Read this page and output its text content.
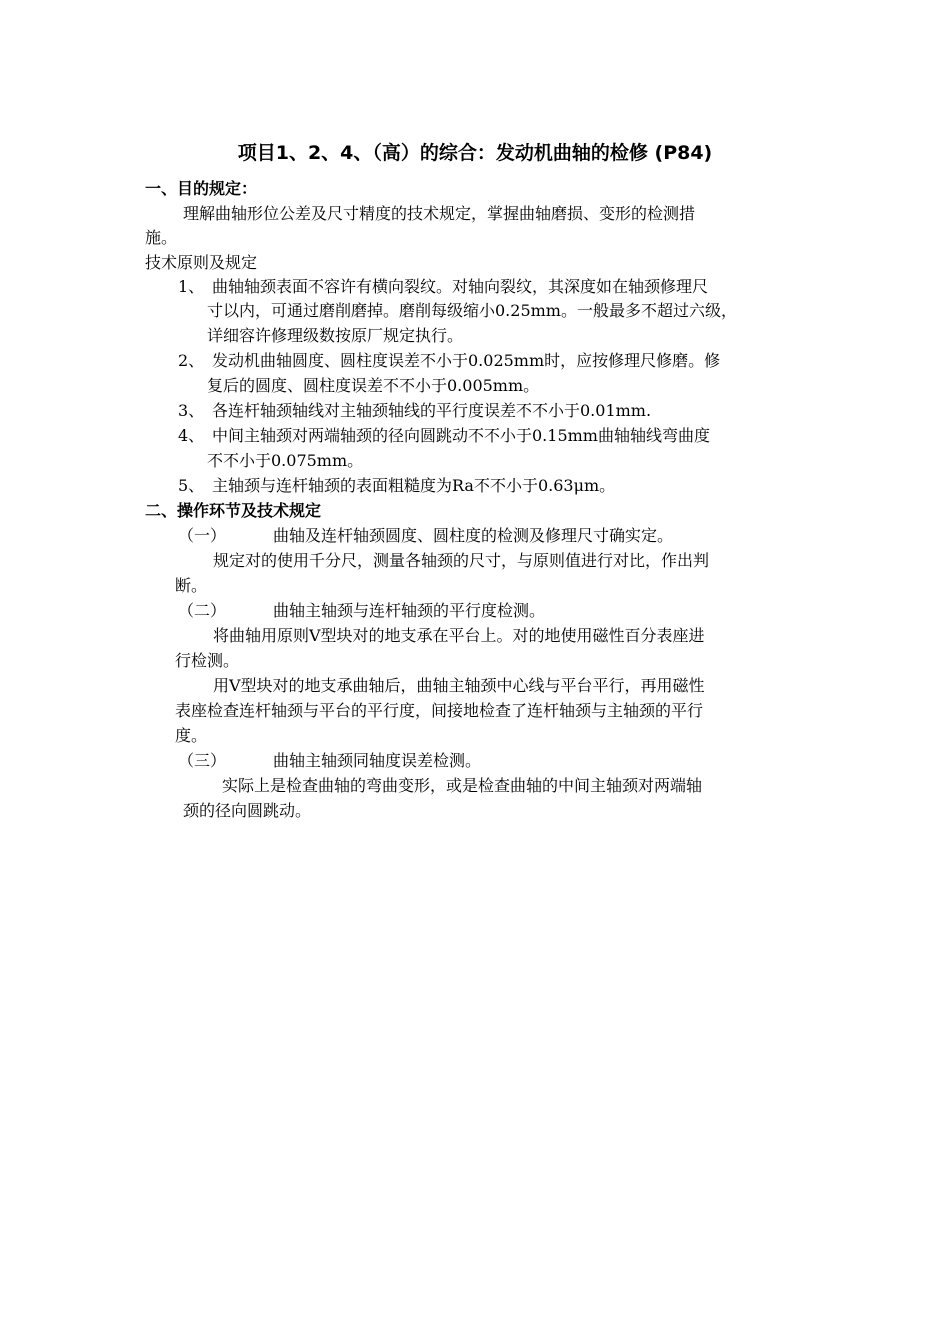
项目1、2、4、（高）的综合：发动机曲轴的检修 (P84)
一、目的规定：
理解曲轴形位公差及尺寸精度的技术规定，掌握曲轴磨损、变形的检测措
施。
技术原则及规定
1、 曲轴轴颈表面不容许有横向裂纹。对轴向裂纹，其深度如在轴颈修理尺
寸以内，可通过磨削磨掉。磨削每级缩小0.25mm。一般最多不超过六级，
详细容许修理级数按原厂规定执行。
2、 发动机曲轴圆度、圆柱度误差不小于0.025mm时，应按修理尺修磨。修
复后的圆度、圆柱度误差不不小于0.005mm。
3、 各连杆轴颈轴线对主轴颈轴线的平行度误差不不小于0.01mm.
4、 中间主轴颈对两端轴颈的径向圆跳动不不小于0.15mm曲轴轴线弯曲度
不不小于0.075mm。
5、 主轴颈与连杆轴颈的表面粗糙度为Ra不不小于0.63μm。
二、操作环节及技术规定
（一）	曲轴及连杆轴颈圆度、圆柱度的检测及修理尺寸确实定。
规定对的使用千分尺，测量各轴颈的尺寸，与原则值进行对比，作出判
断。
（二）	曲轴主轴颈与连杆轴颈的平行度检测。
将曲轴用原则V型块对的地支承在平台上。对的地使用磁性百分表座进
行检测。
用V型块对的地支承曲轴后，曲轴主轴颈中心线与平台平行，再用磁性
表座检查连杆轴颈与平台的平行度，间接地检查了连杆轴颈与主轴颈的平行
度。
（三）	曲轴主轴颈同轴度误差检测。
实际上是检查曲轴的弯曲变形，或是检查曲轴的中间主轴颈对两端轴
颈的径向圆跳动。
